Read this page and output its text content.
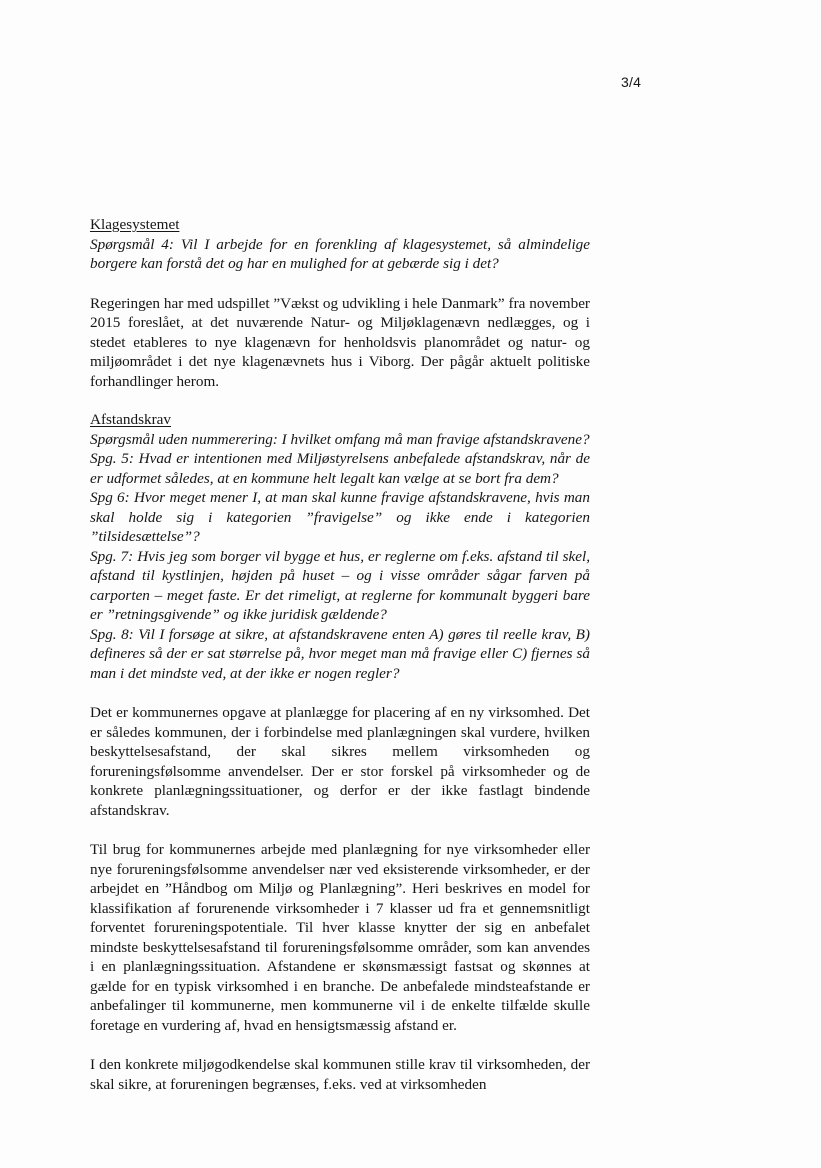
3/4

Klagesystemet

Spørgsmål 4: Vil I arbejde for en forenkling af klagesystemet, så almindelige borgere kan forstå det og har en mulighed for at gebærde sig i det?

Regeringen har med udspillet ”Vækst og udvikling i hele Danmark” fra november 2015 foreslået, at det nuværende Natur- og Miljøklagenævn nedlægges, og i stedet etableres to nye klagenævn for henholdsvis planområdet og natur- og miljøområdet i det nye klagenævnets hus i Viborg. Der pågår aktuelt politiske forhandlinger herom.

Afstandskrav

Spørgsmål uden nummerering: I hvilket omfang må man fravige afstandskravene?

Spg. 5: Hvad er intentionen med Miljøstyrelsens anbefalede afstandskrav, når de er udformet således, at en kommune helt legalt kan vælge at se bort fra dem?

Spg 6: Hvor meget mener I, at man skal kunne fravige afstandskravene, hvis man skal holde sig i kategorien ”fravigelse” og ikke ende i kategorien ”tilsidesættelse”?

Spg. 7: Hvis jeg som borger vil bygge et hus, er reglerne om f.eks. afstand til skel, afstand til kystlinjen, højden på huset – og i visse områder sågar farven på carporten – meget faste. Er det rimeligt, at reglerne for kommunalt byggeri bare er ”retningsgivende” og ikke juridisk gældende?

Spg. 8: Vil I forsøge at sikre, at afstandskravene enten A) gøres til reelle krav, B) defineres så der er sat størrelse på, hvor meget man må fravige eller C) fjernes så man i det mindste ved, at der ikke er nogen regler?

Det er kommunernes opgave at planlægge for placering af en ny virksomhed. Det er således kommunen, der i forbindelse med planlægningen skal vurdere, hvilken beskyttelsesafstand, der skal sikres mellem virksomheden og forureningsfølsomme anvendelser. Der er stor forskel på virksomheder og de konkrete planlægningssituationer, og derfor er der ikke fastlagt bindende afstandskrav.

Til brug for kommunernes arbejde med planlægning for nye virksomheder eller nye forureningsfølsomme anvendelser nær ved eksisterende virksomheder, er der arbejdet en ”Håndbog om Miljø og Planlægning”. Heri beskrives en model for klassifikation af forurenende virksomheder i 7 klasser ud fra et gennemsnitligt forventet forureningspotentiale. Til hver klasse knytter der sig en anbefalet mindste beskyttelsesafstand til forureningsfølsomme områder, som kan anvendes i en planlægningssituation. Afstandene er skønsmæssigt fastsat og skønnes at gælde for en typisk virksomhed i en branche. De anbefalede mindsteafstande er anbefalinger til kommunerne, men kommunerne vil i de enkelte tilfælde skulle foretage en vurdering af, hvad en hensigtsmæssig afstand er.

I den konkrete miljøgodkendelse skal kommunen stille krav til virksomheden, der skal sikre, at forureningen begrænses, f.eks. ved at virksomheden
